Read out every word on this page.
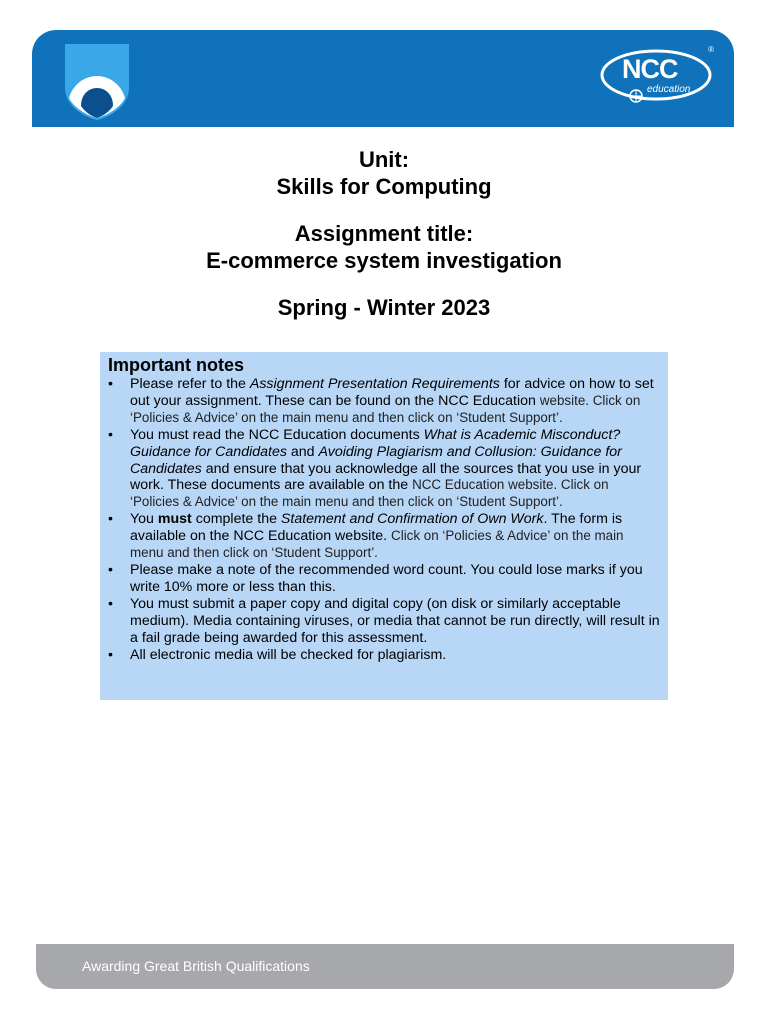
NCC
education
®
Unit:
Skills for Computing
Assignment title:
E-commerce system investigation
Spring - Winter 2023
Important notes
• Please refer to the Assignment Presentation Requirements for advice on how to set out your assignment. These can be found on the NCC Education website. Click on ‘Policies & Advice’ on the main menu and then click on ‘Student Support’.
• You must read the NCC Education documents What is Academic Misconduct? Guidance for Candidates and Avoiding Plagiarism and Collusion: Guidance for Candidates and ensure that you acknowledge all the sources that you use in your work. These documents are available on the NCC Education website. Click on ‘Policies & Advice’ on the main menu and then click on ‘Student Support’.
• You must complete the Statement and Confirmation of Own Work. The form is available on the NCC Education website. Click on ‘Policies & Advice’ on the main menu and then click on ‘Student Support’.
• Please make a note of the recommended word count. You could lose marks if you write 10% more or less than this.
• You must submit a paper copy and digital copy (on disk or similarly acceptable medium). Media containing viruses, or media that cannot be run directly, will result in a fail grade being awarded for this assessment.
• All electronic media will be checked for plagiarism.
Awarding Great British Qualifications
